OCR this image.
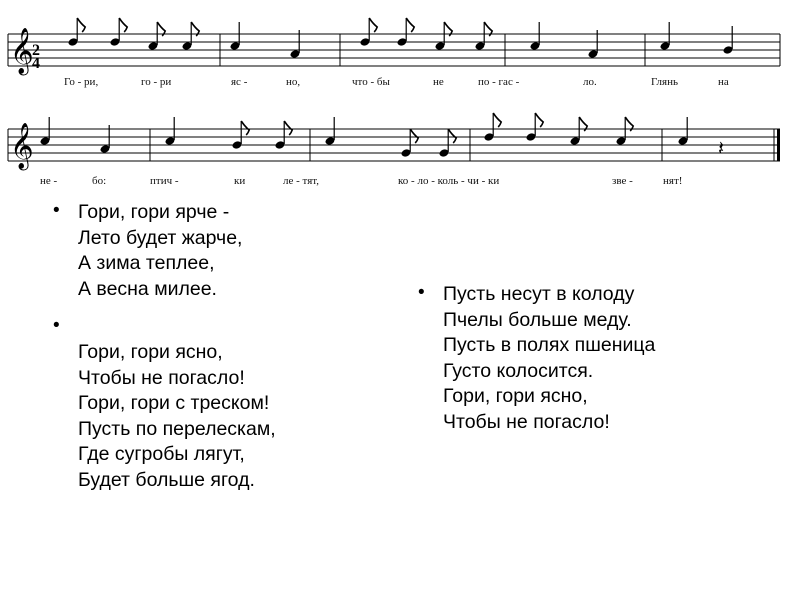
𝄞
𝄞	𝄽
2
4
Го - ри,	го - ри	яс -	но,	что - бы	не	по - гас -	ло.	Глянь	на
не -	бо:	птич -	ки	ле - тят,	ко - ло - коль - чи - ки	зве -	нят!
• Гори, гори ярче -
Лето будет жарче,
А зима теплее,
А весна милее.
•
Гори, гори ясно,
Чтобы не погасло!
Гори, гори с треском!
Пусть по перелескам,
Где сугробы лягут,
Будет больше ягод.
• Пусть несут в колоду
Пчелы больше меду.
Пусть в полях пшеница
Густо колосится.
Гори, гори ясно,
Чтобы не погасло!
